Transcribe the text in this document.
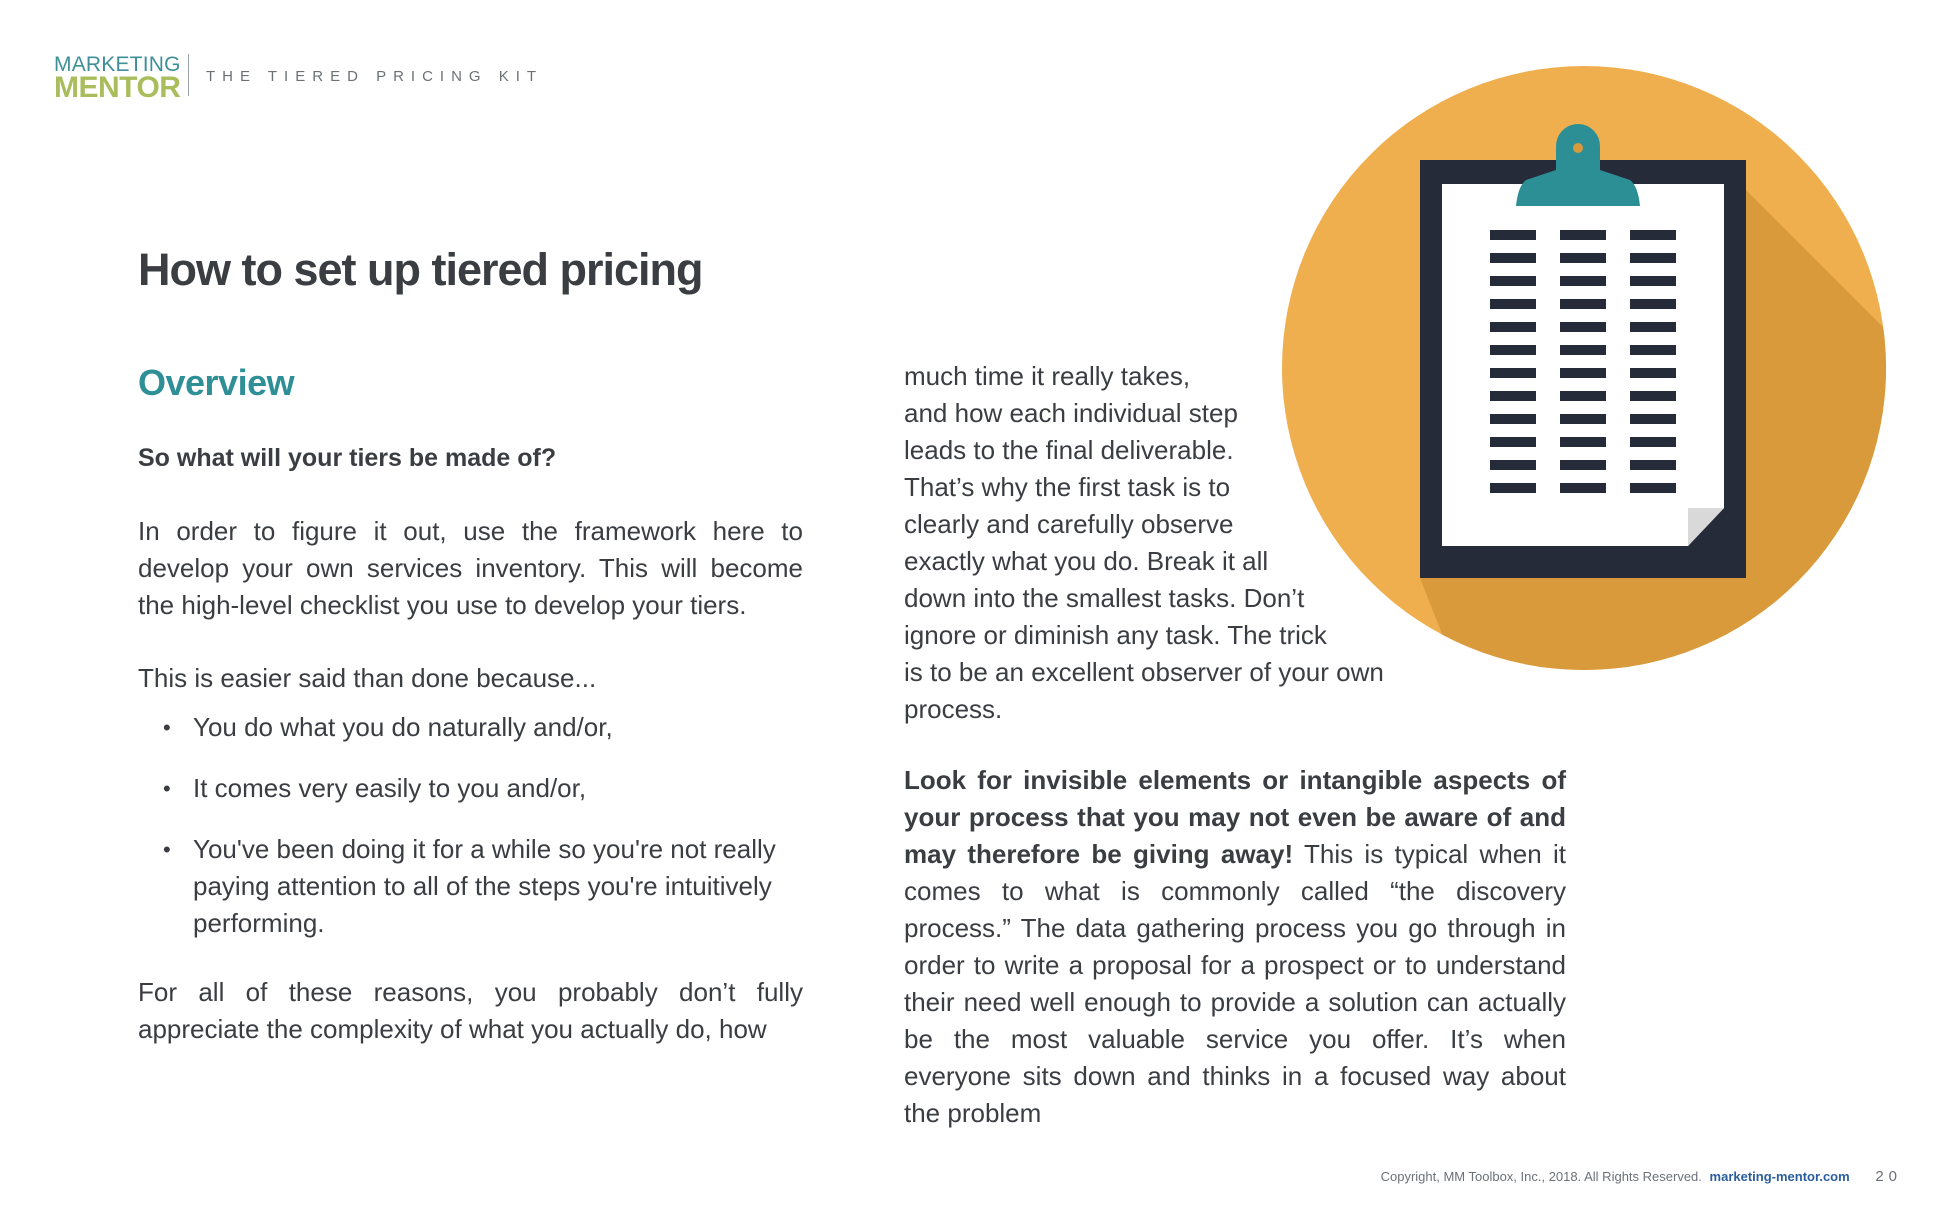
MARKETING
MENTOR THE TIERED PRICING KIT
How to set up tiered pricing
Overview

So what will your tiers be made of?

In order to figure it out, use the framework here to develop your own services inventory. This will become the high-level checklist you use to develop your tiers.

This is easier said than done because...

• You do what you do naturally and/or,
• It comes very easily to you and/or,
• You've been doing it for a while so you're not really paying attention to all of the steps you're intuitively performing.

For all of these reasons, you probably don’t fully appreciate the complexity of what you actually do, how

much time it really takes,
and how each individual step
leads to the final deliverable.
That’s why the first task is to
clearly and carefully observe
exactly what you do. Break it all
down into the smallest tasks. Don’t
ignore or diminish any task. The trick
is to be an excellent observer of your own
process.

Look for invisible elements or intangible aspects of your process that you may not even be aware of and may therefore be giving away! This is typical when it comes to what is commonly called “the discovery process.” The data gathering process you go through in order to write a proposal for a prospect or to understand their need well enough to provide a solution can actually be the most valuable service you offer. It’s when everyone sits down and thinks in a focused way about the problem

Copyright, MM Toolbox, Inc., 2018. All Rights Reserved. marketing-mentor.com 20
